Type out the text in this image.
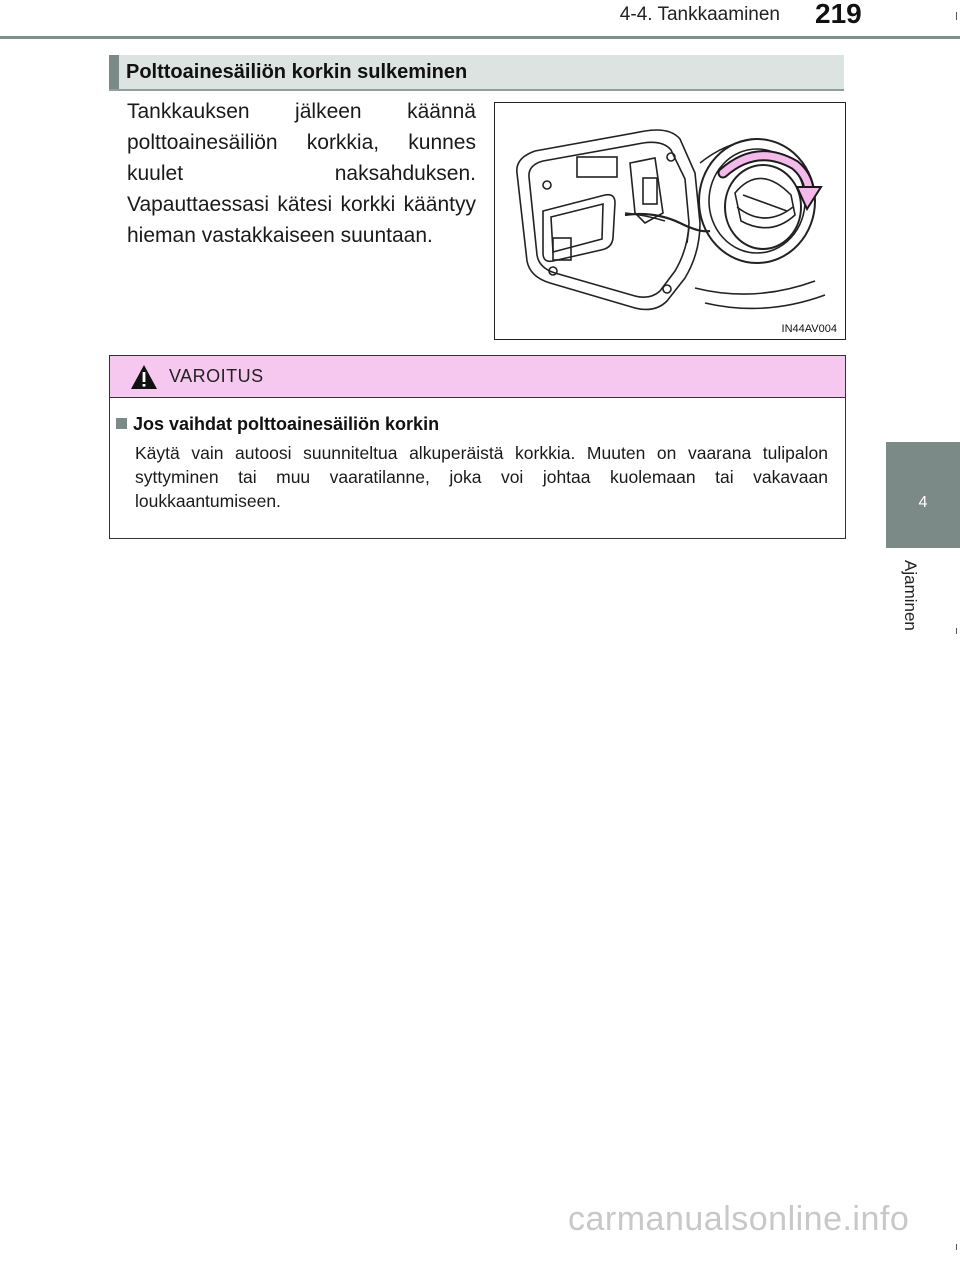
4-4. Tankkaaminen 219
4
Ajaminen
Polttoainesäiliön korkin sulkeminen
Tankkauksen jälkeen käännä polttoainesäiliön korkkia, kunnes kuulet naksahduksen. Vapauttaessasi kätesi korkki kääntyy hieman vastakkaiseen suuntaan.
IN44AV004
VAROITUS
Jos vaihdat polttoainesäiliön korkin
Käytä vain autoosi suunniteltua alkuperäistä korkkia. Muuten on vaarana tulipalon syttyminen tai muu vaaratilanne, joka voi johtaa kuolemaan tai vakavaan loukkaantumiseen.
carmanualsonline.info
